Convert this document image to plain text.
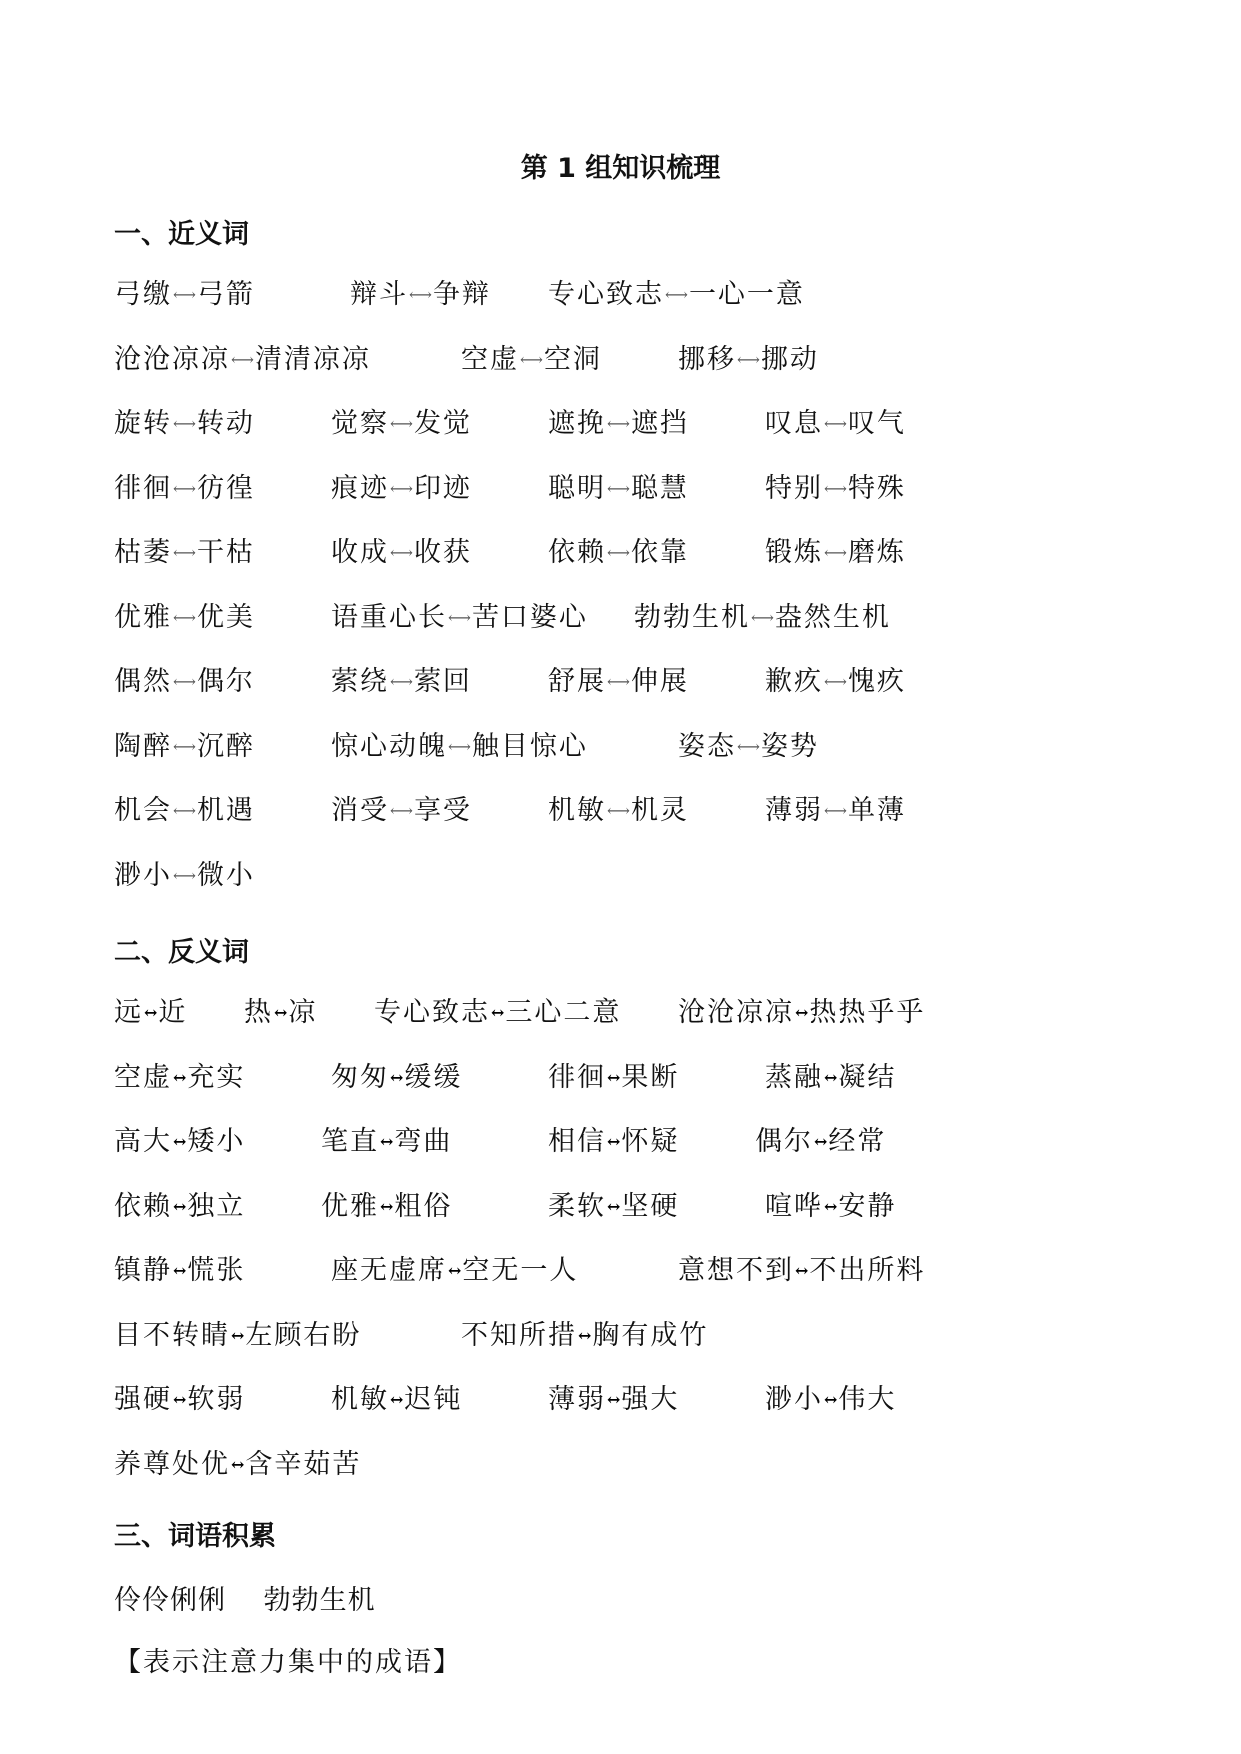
第 1 组知识梳理
一、近义词
弓缴⟷弓箭	辩斗⟷争辩 专心致志⟷一心一意
沧沧凉凉⟷清清凉凉	空虚⟷空洞	挪移⟷挪动
旋转⟷转动	觉察⟷发觉	遮挽⟷遮挡	叹息⟷叹气
徘徊⟷彷徨	痕迹⟷印迹	聪明⟷聪慧	特别⟷特殊
枯萎⟷干枯	收成⟷收获	依赖⟷依靠	锻炼⟷磨炼
优雅⟷优美	语重心长⟷苦口婆心 勃勃生机⟷盎然生机
偶然⟷偶尔	萦绕⟷萦回	舒展⟷伸展	歉疚⟷愧疚
陶醉⟷沉醉	惊心动魄⟷触目惊心	姿态⟷姿势
机会⟷机遇	消受⟷享受	机敏⟷机灵	薄弱⟷单薄
渺小⟷微小
二、反义词
远↔近 热↔凉 专心致志↔三心二意 沧沧凉凉↔热热乎乎
空虚↔充实	匆匆↔缓缓	徘徊↔果断	蒸融↔凝结
高大↔矮小	笔直↔弯曲	相信↔怀疑	偶尔↔经常
依赖↔独立	优雅↔粗俗	柔软↔坚硬	喧哗↔安静
镇静↔慌张	座无虚席↔空无一人	意想不到↔不出所料
目不转睛↔左顾右盼	不知所措↔胸有成竹
强硬↔软弱	机敏↔迟钝	薄弱↔强大	渺小↔伟大
养尊处优↔含辛茹苦
三、词语积累
伶伶俐俐 勃勃生机
【表示注意力集中的成语】
